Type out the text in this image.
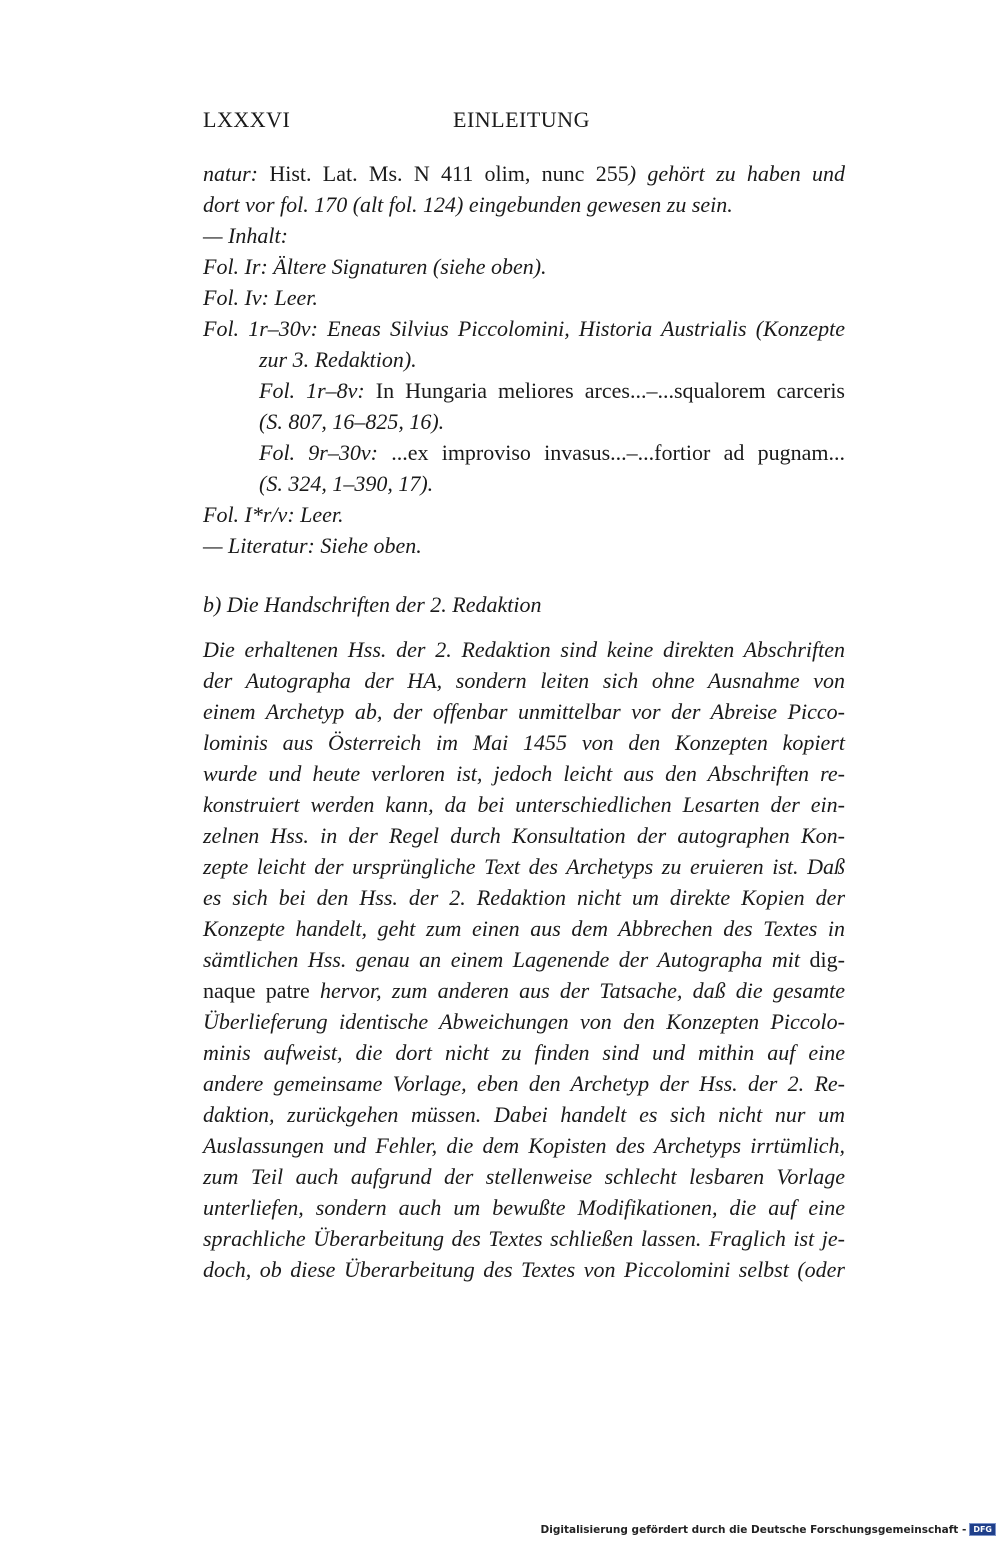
LXXXVI	EINLEITUNG
natur: Hist. Lat. Ms. N 411 olim, nunc 255) gehört zu haben und
dort vor fol. 170 (alt fol. 124) eingebunden gewesen zu sein.
— Inhalt:
Fol. Ir: Ältere Signaturen (siehe oben).
Fol. Iv: Leer.
Fol. 1r–30v: Eneas Silvius Piccolomini, Historia Austrialis (Konzepte
zur 3. Redaktion).
Fol. 1r–8v: In Hungaria meliores arces...–...squalorem carceris
(S. 807, 16–825, 16).
Fol. 9r–30v: ...ex improviso invasus...–...fortior ad pugnam...
(S. 324, 1–390, 17).
Fol. I*r/v: Leer.
— Literatur: Siehe oben.
b) Die Handschriften der 2. Redaktion
Die erhaltenen Hss. der 2. Redaktion sind keine direkten Abschriften
der Autographa der HA, sondern leiten sich ohne Ausnahme von
einem Archetyp ab, der offenbar unmittelbar vor der Abreise Picco-
lominis aus Österreich im Mai 1455 von den Konzepten kopiert
wurde und heute verloren ist, jedoch leicht aus den Abschriften re-
konstruiert werden kann, da bei unterschiedlichen Lesarten der ein-
zelnen Hss. in der Regel durch Konsultation der autographen Kon-
zepte leicht der ursprüngliche Text des Archetyps zu eruieren ist. Daß
es sich bei den Hss. der 2. Redaktion nicht um direkte Kopien der
Konzepte handelt, geht zum einen aus dem Abbrechen des Textes in
sämtlichen Hss. genau an einem Lagenende der Autographa mit dig-
naque patre hervor, zum anderen aus der Tatsache, daß die gesamte
Überlieferung identische Abweichungen von den Konzepten Piccolo-
minis aufweist, die dort nicht zu finden sind und mithin auf eine
andere gemeinsame Vorlage, eben den Archetyp der Hss. der 2. Re-
daktion, zurückgehen müssen. Dabei handelt es sich nicht nur um
Auslassungen und Fehler, die dem Kopisten des Archetyps irrtümlich,
zum Teil auch aufgrund der stellenweise schlecht lesbaren Vorlage
unterliefen, sondern auch um bewußte Modifikationen, die auf eine
sprachliche Überarbeitung des Textes schließen lassen. Fraglich ist je-
doch, ob diese Überarbeitung des Textes von Piccolomini selbst (oder
Digitalisierung gefördert durch die Deutsche Forschungsgemeinschaft - DFG
